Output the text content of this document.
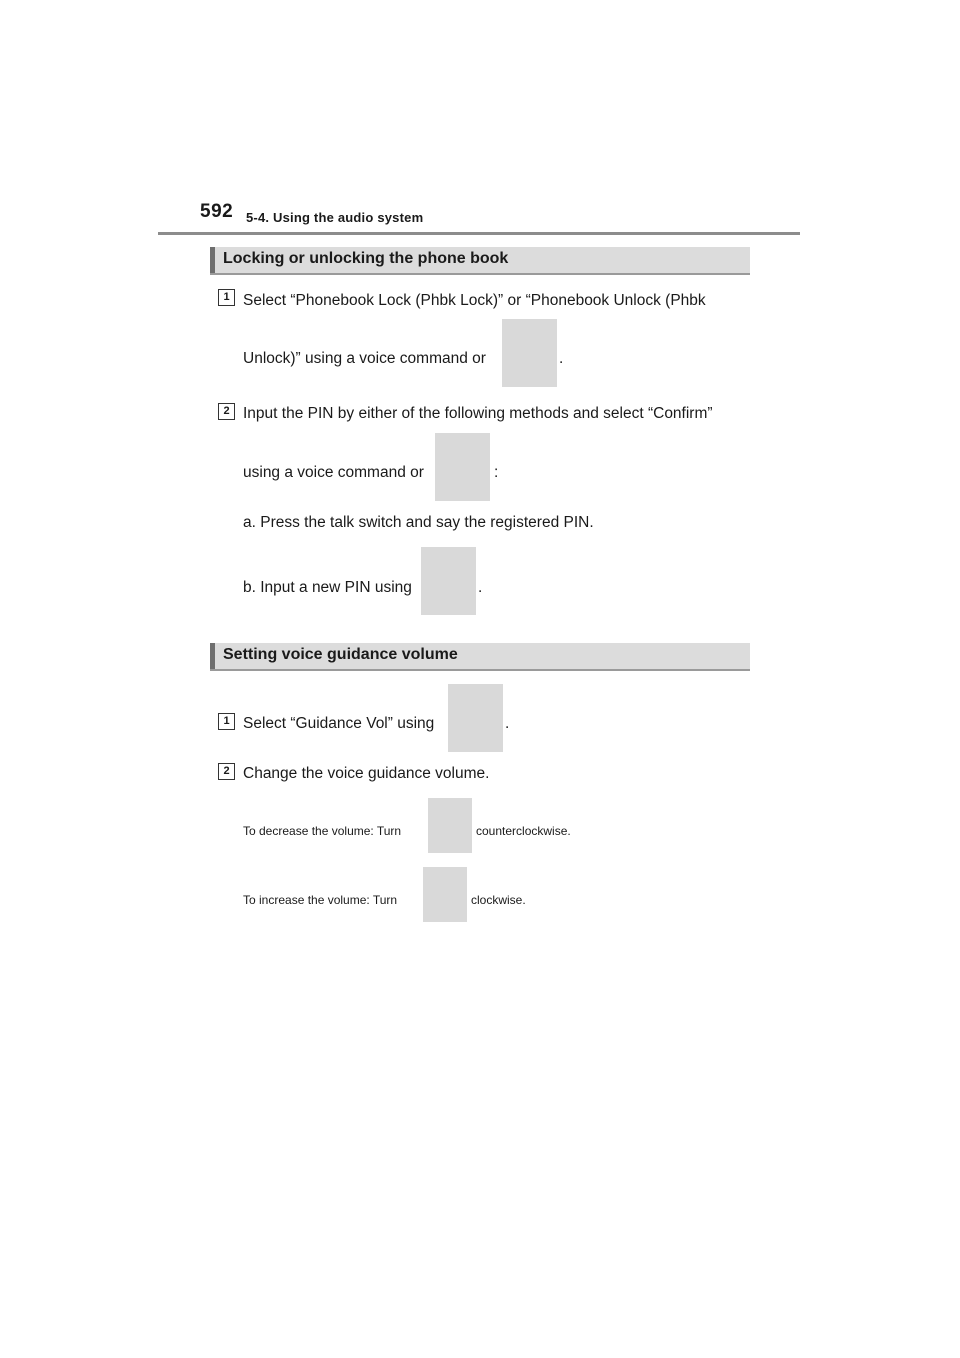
592 5-4. Using the audio system
Locking or unlocking the phone book
1 Select “Phonebook Lock (Phbk Lock)” or “Phonebook Unlock (Phbk
Unlock)” using a voice command or	.
2 Input the PIN by either of the following methods and select “Confirm”
using a voice command or	:
a. Press the talk switch and say the registered PIN.
b. Input a new PIN using	.
Setting voice guidance volume
1 Select “Guidance Vol” using	.
2 Change the voice guidance volume.
To decrease the volume: Turn	counterclockwise.
To increase the volume: Turn	clockwise.
